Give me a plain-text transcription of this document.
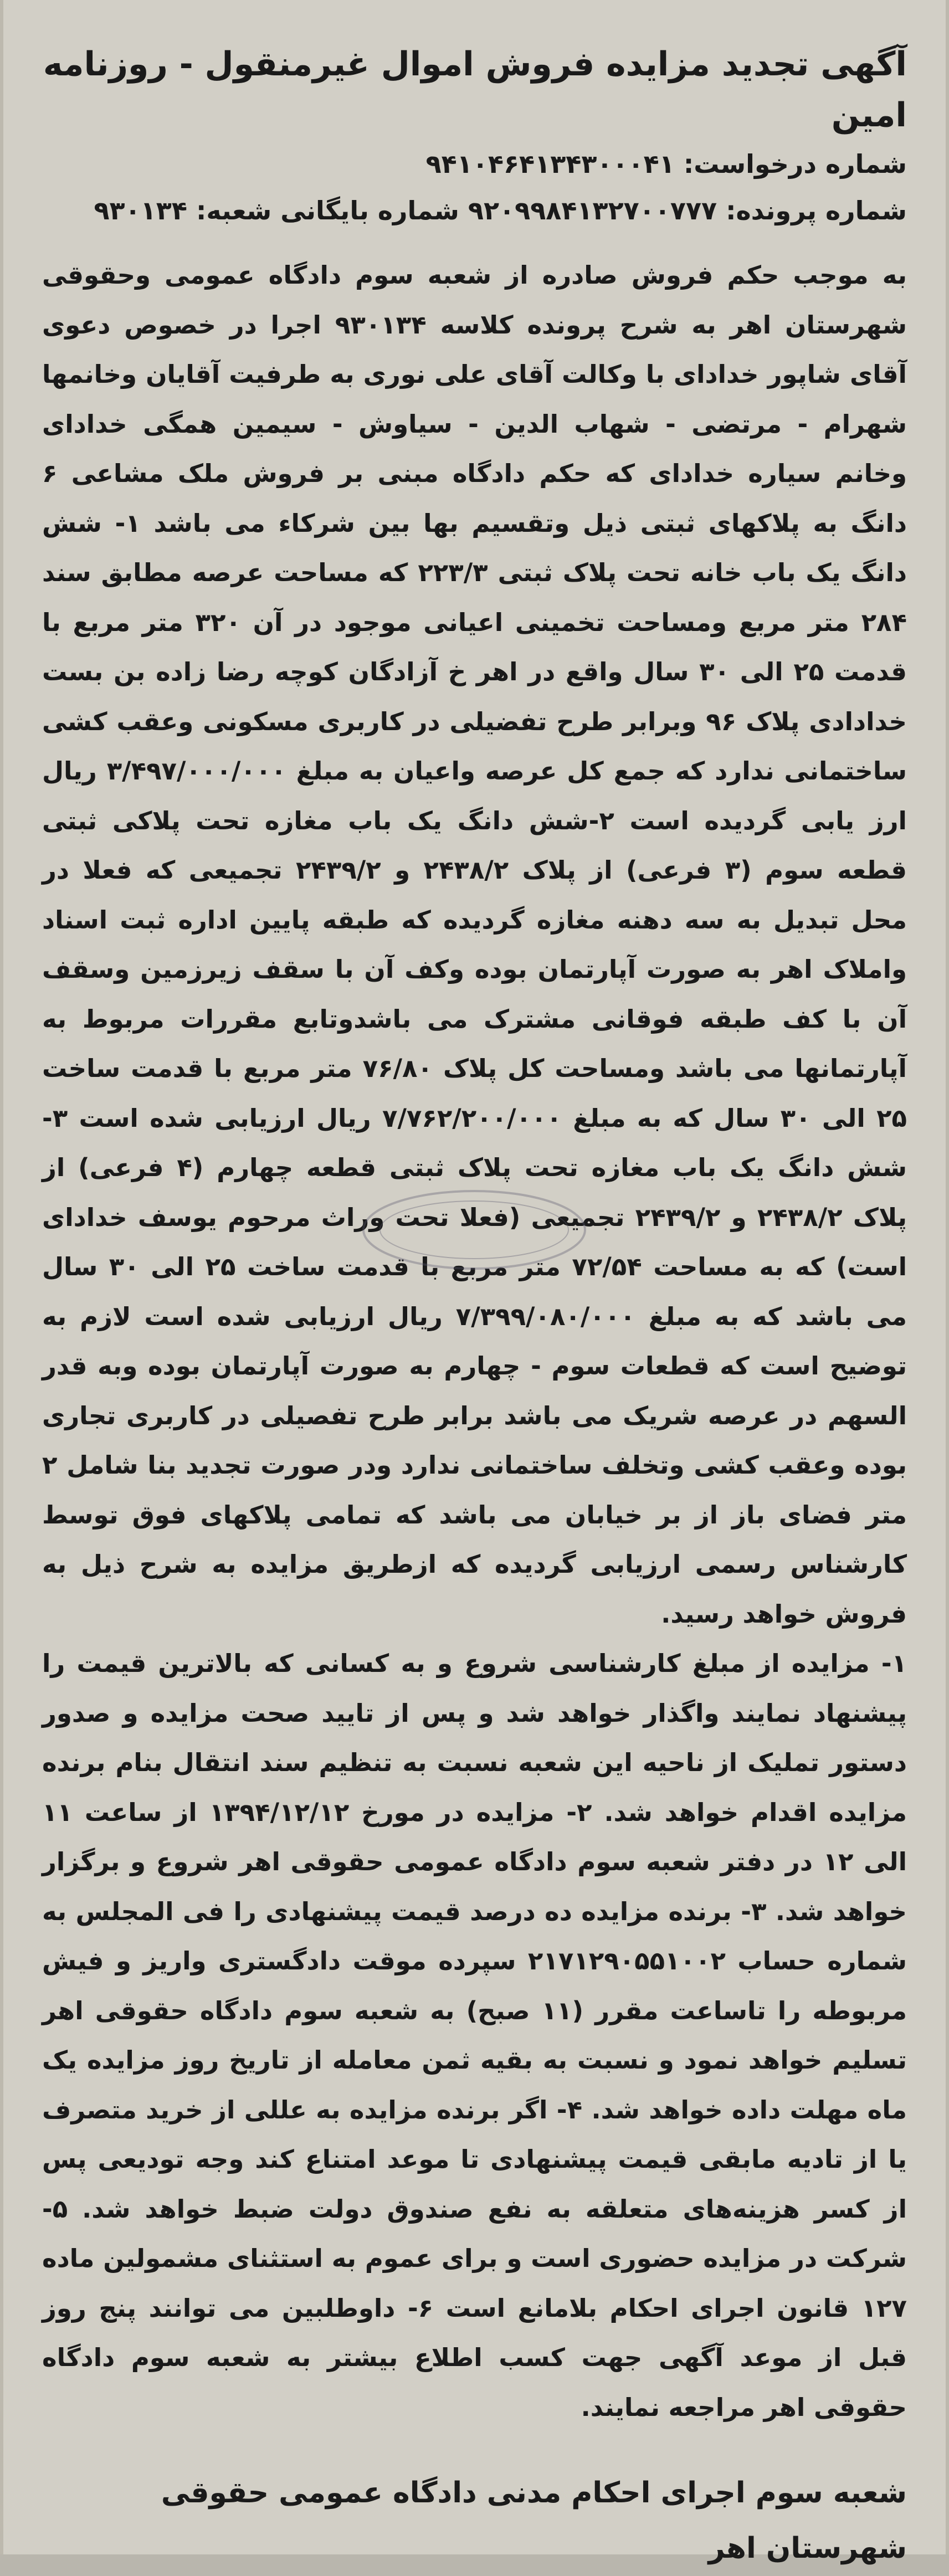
آگهی تجدید مزایده فروش اموال غیرمنقول - روزنامه امین
شماره درخواست: ۹۴۱۰۴۶۴۱۳۴۳۰۰۰۴۱
شماره پرونده: ۹۲۰۹۹۸۴۱۳۲۷۰۰۷۷۷ شماره بایگانی شعبه: ۹۳۰۱۳۴

به موجب حکم فروش صادره از شعبه سوم دادگاه عمومی وحقوقی شهرستان اهر به شرح پرونده کلاسه ۹۳۰۱۳۴ اجرا در خصوص دعوی آقای شاپور خدادای با وکالت آقای علی نوری به طرفیت آقایان وخانمها شهرام - مرتضی - شهاب الدین - سیاوش - سیمین همگی خدادای وخانم سیاره خدادای که حکم دادگاه مبنی بر فروش ملک مشاعی ۶ دانگ به پلاکهای ثبتی ذیل وتقسیم بها بین شرکاء می باشد ۱- شش دانگ یک باب خانه تحت پلاک ثبتی ۲۲۳/۳ که مساحت عرصه مطابق سند ۲۸۴ متر مربع ومساحت تخمینی اعیانی موجود در آن ۳۲۰ متر مربع با قدمت ۲۵ الی ۳۰ سال واقع در اهر خ آزادگان کوچه رضا زاده بن بست خدادادی پلاک ۹۶ وبرابر طرح تفضیلی در کاربری مسکونی وعقب کشی ساختمانی ندارد که جمع کل عرصه واعیان به مبلغ ۳/۴۹۷/۰۰۰/۰۰۰ ریال ارز یابی گردیده است ۲-شش دانگ یک باب مغازه تحت پلاکی ثبتی قطعه سوم (۳ فرعی) از پلاک ۲۴۳۸/۲ و ۲۴۳۹/۲ تجمیعی که فعلا در محل تبدیل به سه دهنه مغازه گردیده که طبقه پایین اداره ثبت اسناد واملاک اهر به صورت آپارتمان بوده وکف آن با سقف زیرزمین وسقف آن با کف طبقه فوقانی مشترک می باشدوتابع مقررات مربوط به آپارتمانها می باشد ومساحت کل پلاک ۷۶/۸۰ متر مربع با قدمت ساخت ۲۵ الی ۳۰ سال که به مبلغ ۷/۷۶۲/۲۰۰/۰۰۰ ریال ارزیابی شده است ۳-شش دانگ یک باب مغازه تحت پلاک ثبتی قطعه چهارم (۴ فرعی) از پلاک ۲۴۳۸/۲ و ۲۴۳۹/۲ تجمیعی (فعلا تحت وراث مرحوم یوسف خدادای است) که به مساحت ۷۲/۵۴ متر مربع با قدمت ساخت ۲۵ الی ۳۰ سال می باشد که به مبلغ ۷/۳۹۹/۰۸۰/۰۰۰ ریال ارزیابی شده است لازم به توضیح است که قطعات سوم - چهارم به صورت آپارتمان بوده وبه قدر السهم در عرصه شریک می باشد برابر طرح تفصیلی در کاربری تجاری بوده وعقب کشی وتخلف ساختمانی ندارد ودر صورت تجدید بنا شامل ۲ متر فضای باز از بر خیابان می باشد که تمامی پلاکهای فوق توسط کارشناس رسمی ارزیابی گردیده که ازطریق مزایده به شرح ذیل به فروش خواهد رسید.

۱- مزایده از مبلغ کارشناسی شروع و به کسانی که بالاترین قیمت را پیشنهاد نمایند واگذار خواهد شد و پس از تایید صحت مزایده و صدور دستور تملیک از ناحیه این شعبه نسبت به تنظیم سند انتقال بنام برنده مزایده اقدام خواهد شد. ۲- مزایده در مورخ ۱۳۹۴/۱۲/۱۲ از ساعت ۱۱ الی ۱۲ در دفتر شعبه سوم دادگاه عمومی حقوقی اهر شروع و برگزار خواهد شد. ۳- برنده مزایده ده درصد قیمت پیشنهادی را فی المجلس به شماره حساب ۲۱۷۱۲۹۰۵۵۱۰۰۲ سپرده موقت دادگستری واریز و فیش مربوطه را تاساعت مقرر (۱۱ صبح) به شعبه سوم دادگاه حقوقی اهر تسلیم خواهد نمود و نسبت به بقیه ثمن معامله از تاریخ روز مزایده یک ماه مهلت داده خواهد شد. ۴- اگر برنده مزایده به عللی از خرید متصرف یا از تادیه مابقی قیمت پیشنهادی تا موعد امتناع کند وجه تودیعی پس از کسر هزینه‌های متعلقه به نفع صندوق دولت ضبط خواهد شد. ۵- شرکت در مزایده حضوری است و برای عموم به استثنای مشمولین ماده ۱۲۷ قانون اجرای احکام بلامانع است ۶- داوطلبین می توانند پنج روز قبل از موعد آگهی جهت کسب اطلاع بیشتر به شعبه سوم دادگاه حقوقی اهر مراجعه نمایند.

شعبه سوم اجرای احکام مدنی دادگاه عمومی حقوقی
شهرستان اهر
